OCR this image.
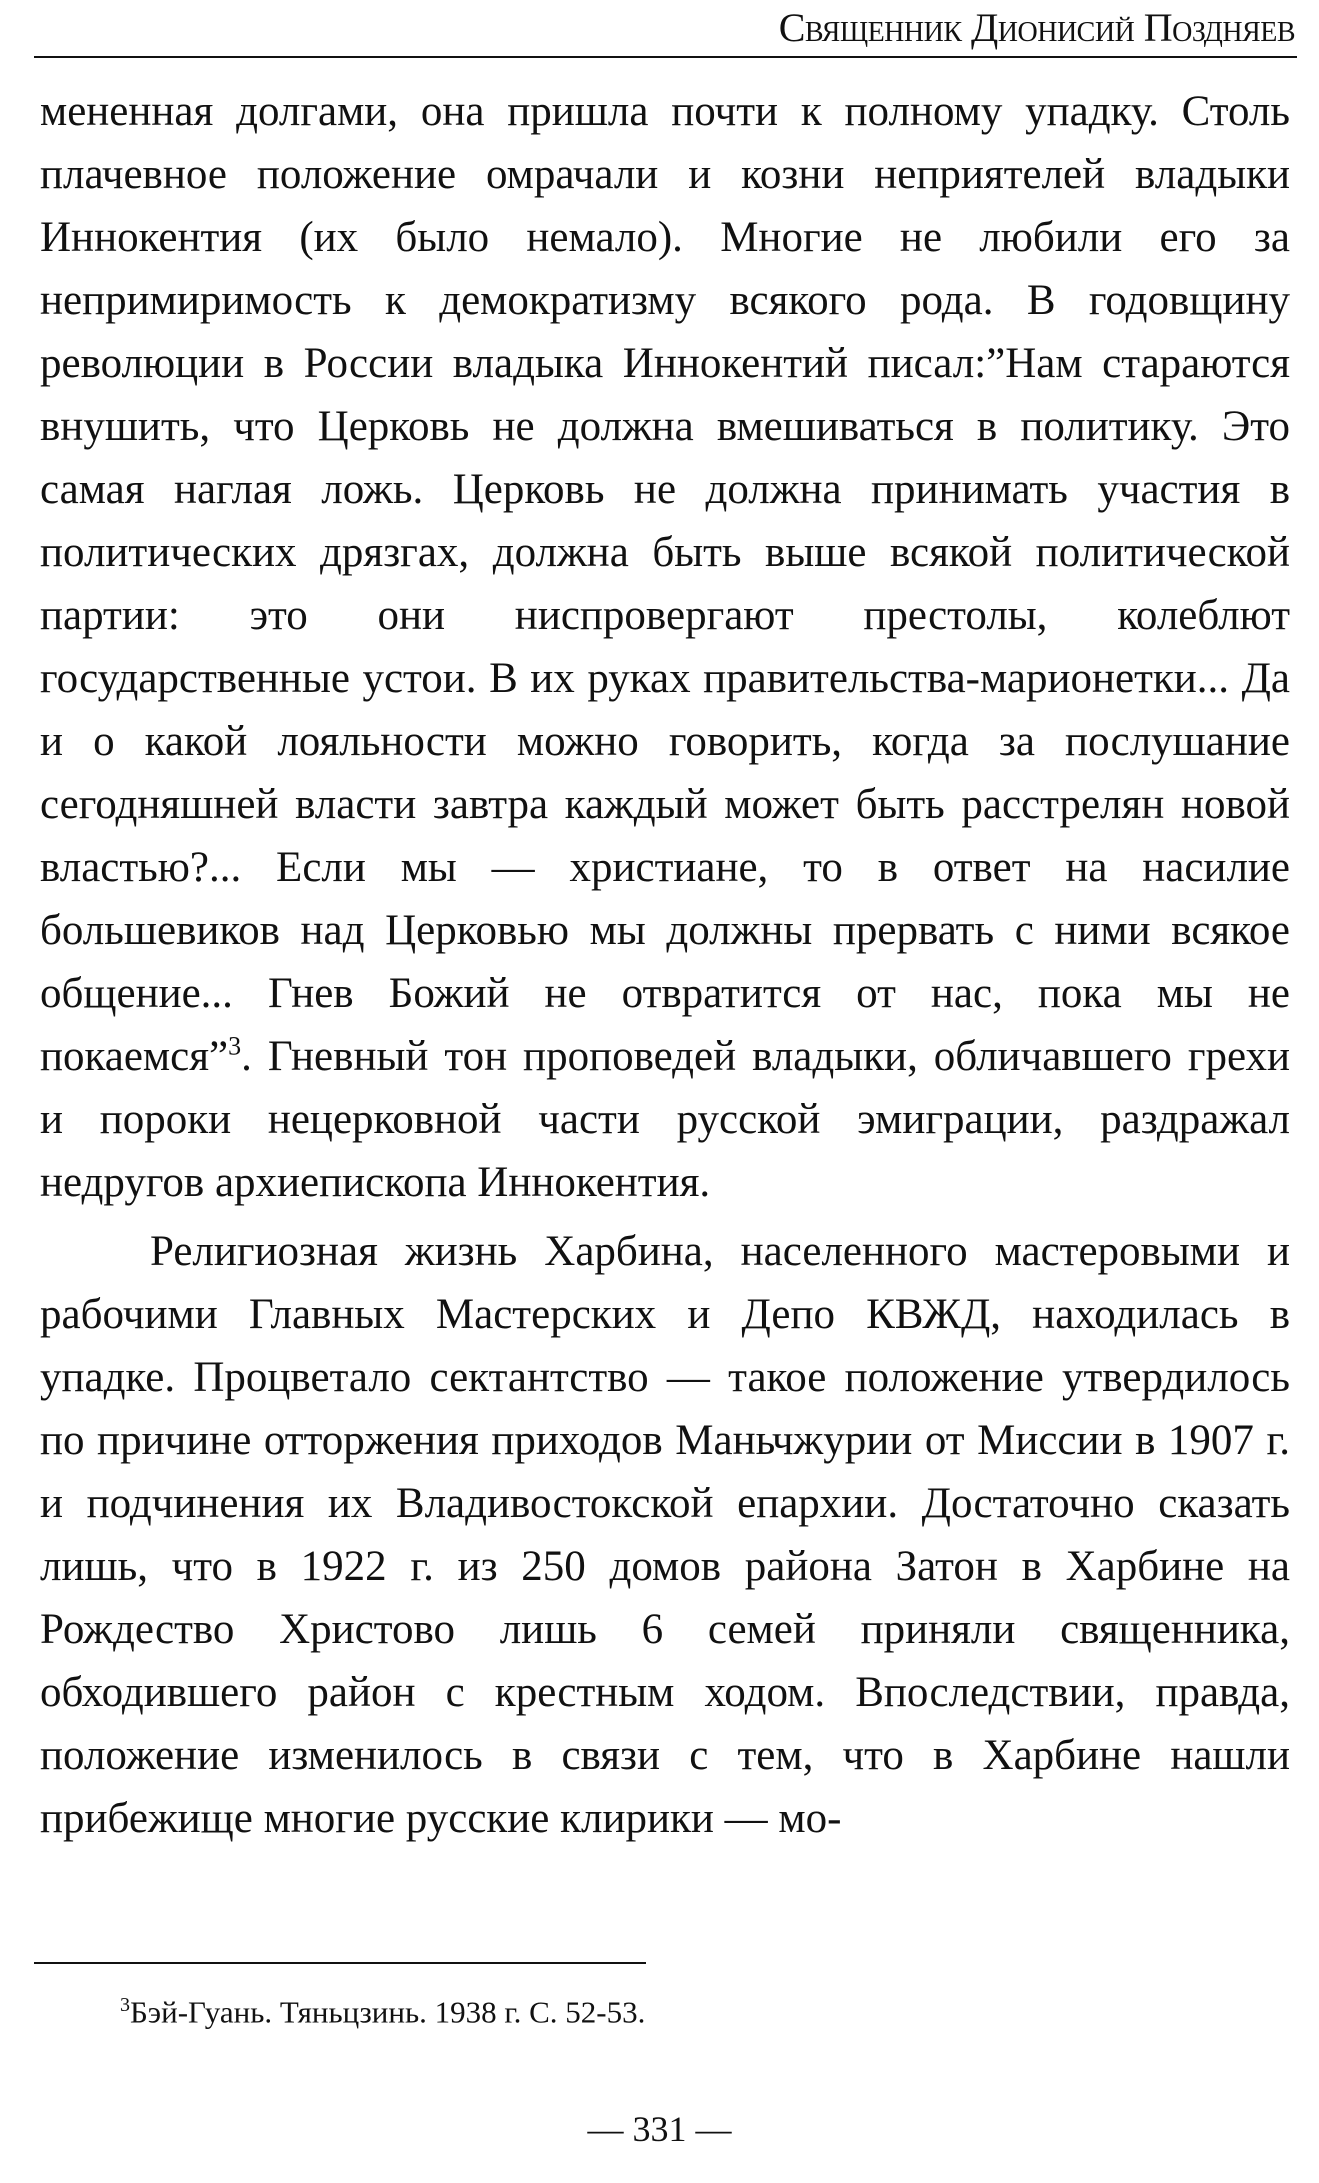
Священник Дионисий Поздняев

мененная долгами, она пришла почти к полному упадку. Столь плачевное положение омрачали и козни неприятелей владыки Иннокентия (их было немало). Многие не любили его за непримиримость к демократизму всякого рода. В годовщину революции в России владыка Иннокентий писал:”Нам стараются внушить, что Церковь не должна вмешиваться в политику. Это самая наглая ложь. Церковь не должна принимать участия в политических дрязгах, должна быть выше всякой политической партии: это они ниспровергают престолы, колеблют государственные устои. В их руках правительства-марионетки... Да и о какой лояльности можно говорить, когда за послушание сегодняшней власти завтра каждый может быть расстрелян новой властью?... Если мы — христиане, то в ответ на насилие большевиков над Церковью мы должны прервать с ними всякое общение... Гнев Божий не отвратится от нас, пока мы не покаемся”$^3$. Гневный тон проповедей владыки, обличавшего грехи и пороки нецерковной части русской эмиграции, раздражал недругов архиепископа Иннокентия.

Религиозная жизнь Харбина, населенного мастеровыми и рабочими Главных Мастерских и Депо КВЖД, находилась в упадке. Процветало сектантство — такое положение утвердилось по причине отторжения приходов Маньчжурии от Миссии в 1907 г. и подчинения их Владивостокской епархии. Достаточно сказать лишь, что в 1922 г. из 250 домов района Затон в Харбине на Рождество Христово лишь 6 семей приняли священника, обходившего район с крестным ходом. Впоследствии, правда, положение изменилось в связи с тем, что в Харбине нашли прибежище многие русские клирики — мо-

$^3$Бэй-Гуань. Тяньцзинь. 1938 г. С. 52-53.
— 331 —
